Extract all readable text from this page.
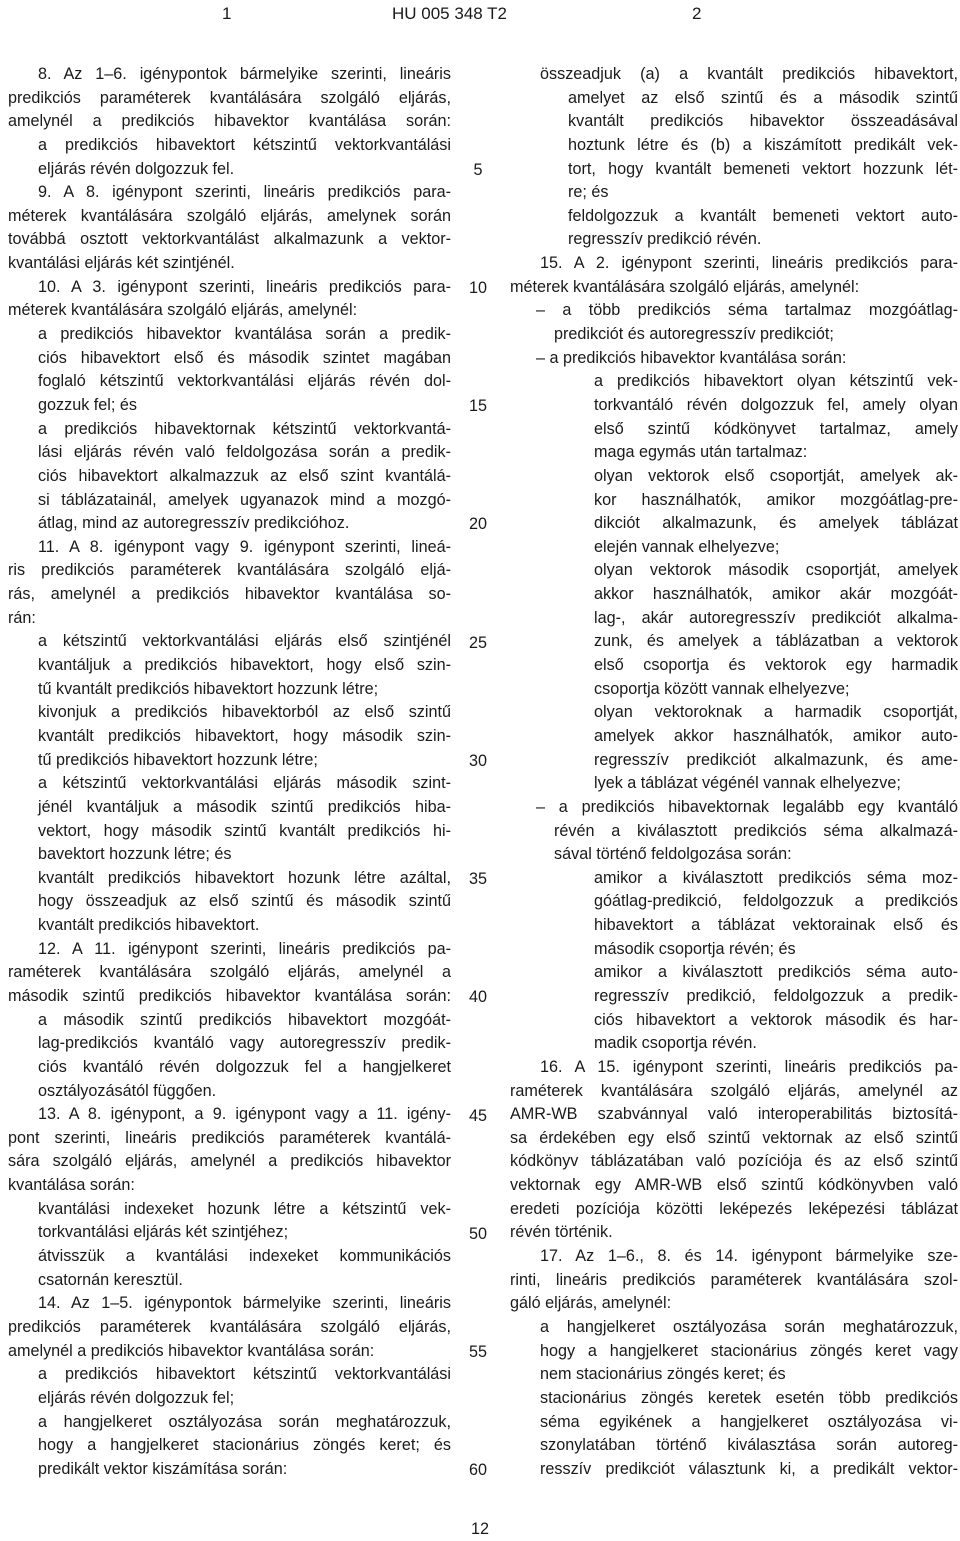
1	HU 005 348 T2	2
8. Az 1–6. igénypontok bármelyike szerinti, lineáris
predikciós paraméterek kvantálására szolgáló eljárás,
amelynél a predikciós hibavektor kvantálása során:
a predikciós hibavektort kétszintű vektorkvantálási
eljárás révén dolgozzuk fel.
9. A 8. igénypont szerinti, lineáris predikciós para-
méterek kvantálására szolgáló eljárás, amelynek során
továbbá osztott vektorkvantálást alkalmazunk a vektor-
kvantálási eljárás két szintjénél.
10. A 3. igénypont szerinti, lineáris predikciós para-
méterek kvantálására szolgáló eljárás, amelynél:
a predikciós hibavektor kvantálása során a predik-
ciós hibavektort első és második szintet magában
foglaló kétszintű vektorkvantálási eljárás révén dol-
gozzuk fel; és
a predikciós hibavektornak kétszintű vektorkvantá-
lási eljárás révén való feldolgozása során a predik-
ciós hibavektort alkalmazzuk az első szint kvantálá-
si táblázatainál, amelyek ugyanazok mind a mozgó-
átlag, mind az autoregresszív predikcióhoz.
11. A 8. igénypont vagy 9. igénypont szerinti, lineá-
ris predikciós paraméterek kvantálására szolgáló eljá-
rás, amelynél a predikciós hibavektor kvantálása so-
rán:
a kétszintű vektorkvantálási eljárás első szintjénél
kvantáljuk a predikciós hibavektort, hogy első szin-
tű kvantált predikciós hibavektort hozzunk létre;
kivonjuk a predikciós hibavektorból az első szintű
kvantált predikciós hibavektort, hogy második szin-
tű predikciós hibavektort hozzunk létre;
a kétszintű vektorkvantálási eljárás második szint-
jénél kvantáljuk a második szintű predikciós hiba-
vektort, hogy második szintű kvantált predikciós hi-
bavektort hozzunk létre; és
kvantált predikciós hibavektort hozunk létre azáltal,
hogy összeadjuk az első szintű és második szintű
kvantált predikciós hibavektort.
12. A 11. igénypont szerinti, lineáris predikciós pa-
raméterek kvantálására szolgáló eljárás, amelynél a
második szintű predikciós hibavektor kvantálása során:
a második szintű predikciós hibavektort mozgóát-
lag-predikciós kvantáló vagy autoregresszív predik-
ciós kvantáló révén dolgozzuk fel a hangjelkeret
osztályozásától függően.
13. A 8. igénypont, a 9. igénypont vagy a 11. igény-
pont szerinti, lineáris predikciós paraméterek kvantálá-
sára szolgáló eljárás, amelynél a predikciós hibavektor
kvantálása során:
kvantálási indexeket hozunk létre a kétszintű vek-
torkvantálási eljárás két szintjéhez;
átvisszük a kvantálási indexeket kommunikációs
csatornán keresztül.
14. Az 1–5. igénypontok bármelyike szerinti, lineáris
predikciós paraméterek kvantálására szolgáló eljárás,
amelynél a predikciós hibavektor kvantálása során:
a predikciós hibavektort kétszintű vektorkvantálási
eljárás révén dolgozzuk fel;
a hangjelkeret osztályozása során meghatározzuk,
hogy a hangjelkeret stacionárius zöngés keret; és
predikált vektor kiszámítása során:
összeadjuk (a) a kvantált predikciós hibavektort,
amelyet az első szintű és a második szintű
kvantált predikciós hibavektor összeadásával
hoztunk létre és (b) a kiszámított predikált vek-
tort, hogy kvantált bemeneti vektort hozzunk lét-
re; és
feldolgozzuk a kvantált bemeneti vektort auto-
regresszív predikció révén.
15. A 2. igénypont szerinti, lineáris predikciós para-
méterek kvantálására szolgáló eljárás, amelynél:
– a több predikciós séma tartalmaz mozgóátlag-
predikciót és autoregresszív predikciót;
– a predikciós hibavektor kvantálása során:
a predikciós hibavektort olyan kétszintű vek-
torkvantáló révén dolgozzuk fel, amely olyan
első szintű kódkönyvet tartalmaz, amely
maga egymás után tartalmaz:
olyan vektorok első csoportját, amelyek ak-
kor használhatók, amikor mozgóátlag-pre-
dikciót alkalmazunk, és amelyek táblázat
elején vannak elhelyezve;
olyan vektorok második csoportját, amelyek
akkor használhatók, amikor akár mozgóát-
lag-, akár autoregresszív predikciót alkalma-
zunk, és amelyek a táblázatban a vektorok
első csoportja és vektorok egy harmadik
csoportja között vannak elhelyezve;
olyan vektoroknak a harmadik csoportját,
amelyek akkor használhatók, amikor auto-
regresszív predikciót alkalmazunk, és ame-
lyek a táblázat végénél vannak elhelyezve;
– a predikciós hibavektornak legalább egy kvantáló
révén a kiválasztott predikciós séma alkalmazá-
sával történő feldolgozása során:
amikor a kiválasztott predikciós séma moz-
góátlag-predikció, feldolgozzuk a predikciós
hibavektort a táblázat vektorainak első és
második csoportja révén; és
amikor a kiválasztott predikciós séma auto-
regresszív predikció, feldolgozzuk a predik-
ciós hibavektort a vektorok második és har-
madik csoportja révén.
16. A 15. igénypont szerinti, lineáris predikciós pa-
raméterek kvantálására szolgáló eljárás, amelynél az
AMR-WB szabvánnyal való interoperabilitás biztosítá-
sa érdekében egy első szintű vektornak az első szintű
kódkönyv táblázatában való pozíciója és az első szintű
vektornak egy AMR-WB első szintű kódkönyvben való
eredeti pozíciója közötti leképezés leképezési táblázat
révén történik.
17. Az 1–6., 8. és 14. igénypont bármelyike sze-
rinti, lineáris predikciós paraméterek kvantálására szol-
gáló eljárás, amelynél:
a hangjelkeret osztályozása során meghatározzuk,
hogy a hangjelkeret stacionárius zöngés keret vagy
nem stacionárius zöngés keret; és
stacionárius zöngés keretek esetén több predikciós
séma egyikének a hangjelkeret osztályozása vi-
szonylatában történő kiválasztása során autoreg-
resszív predikciót választunk ki, a predikált vektor-
5
10
15
20
25
30
35
40
45
50
55
60
12
